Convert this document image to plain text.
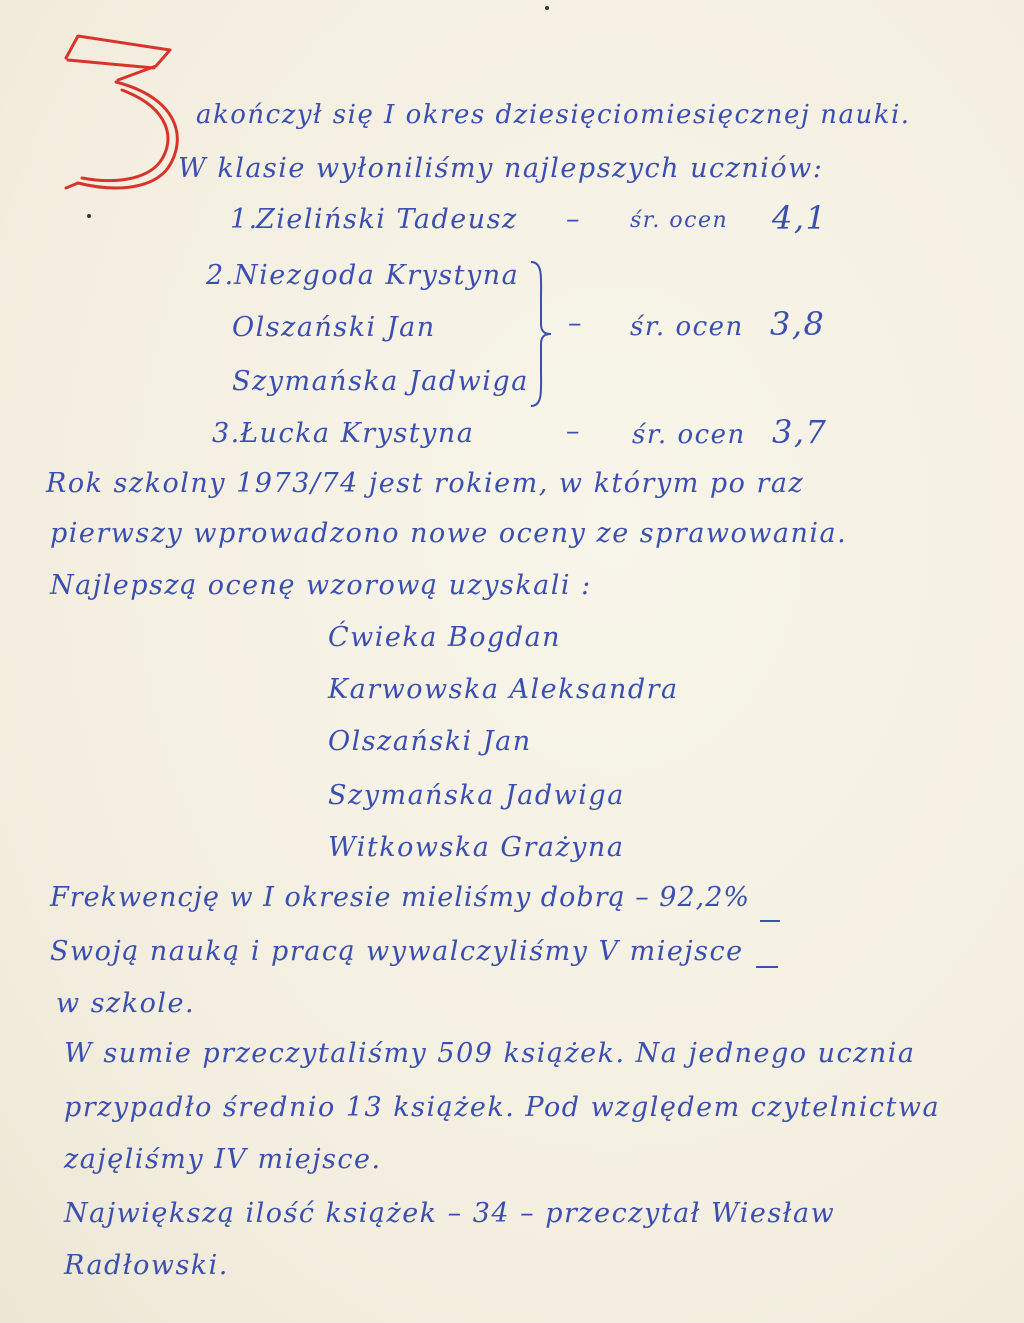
akończył się I okres dziesięciomiesięcznej nauki.
W klasie wyłoniliśmy najlepszych uczniów:
1.
Zieliński Tadeusz – śr. ocen 4,1
2. Niezgoda Krystyna
Olszański Jan
Szymańska Jadwiga
– śr. ocen 3,8
3. Łucka Krystyna	– śr. ocen 3,7
Rok szkolny 1973/74 jest rokiem, w którym po raz
pierwszy wprowadzono nowe oceny ze sprawowania.
Najlepszą ocenę wzorową uzyskali :
Ćwieka Bogdan
Karwowska Aleksandra
Olszański Jan
Szymańska Jadwiga
Witkowska Grażyna
Frekwencję w I okresie mieliśmy dobrą – 92,2%
Swoją nauką i pracą wywalczyliśmy V miejsce
w szkole.
W sumie przeczytaliśmy 509 książek. Na jednego ucznia
przypadło średnio 13 książek. Pod względem czytelnictwa
zajęliśmy IV miejsce.
Największą ilość książek – 34 – przeczytał Wiesław
Radłowski.
